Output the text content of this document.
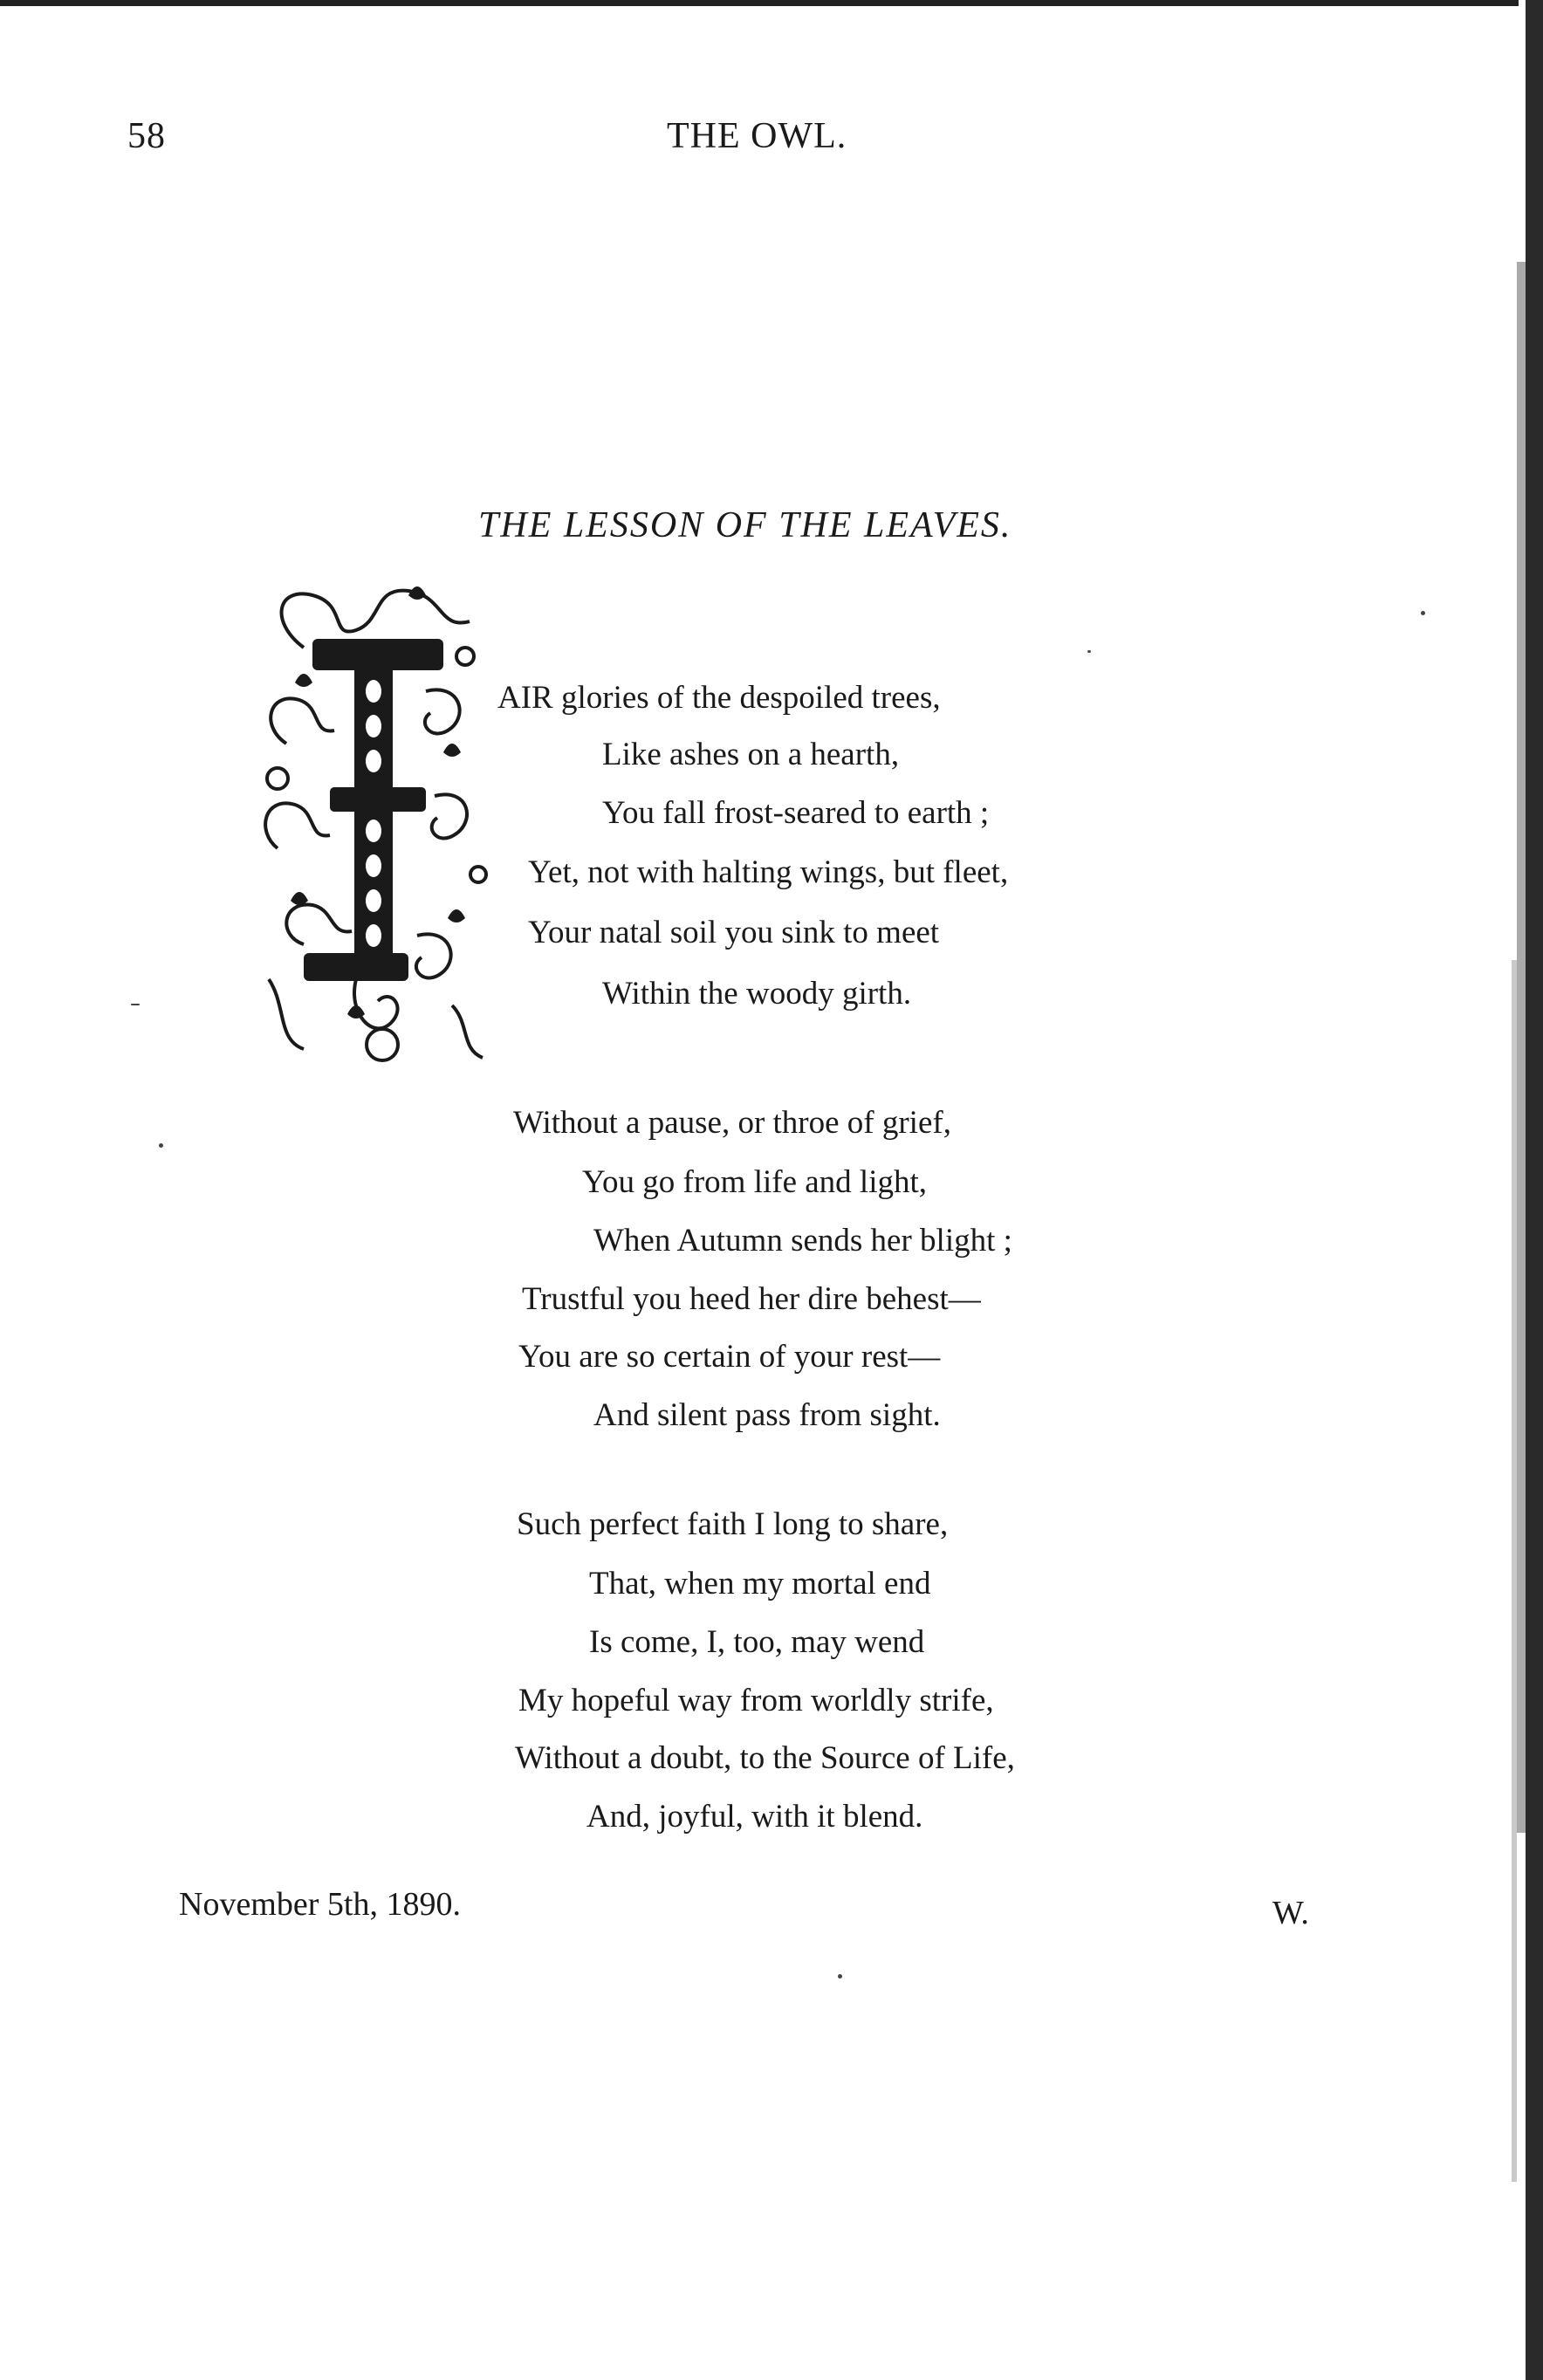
58	THE OWL.
THE LESSON OF THE LEAVES.
AIR glories of the despoiled trees,
Like ashes on a hearth,
You fall frost-seared to earth ;
Yet, not with halting wings, but fleet,
Your natal soil you sink to meet
Within the woody girth.
Without a pause, or throe of grief,
You go from life and light,
When Autumn sends her blight ;
Trustful you heed her dire behest—
You are so certain of your rest—
And silent pass from sight.
Such perfect faith I long to share,
That, when my mortal end
Is come, I, too, may wend
My hopeful way from worldly strife,
Without a doubt, to the Source of Life,
And, joyful, with it blend.
November 5th, 1890.	W.
